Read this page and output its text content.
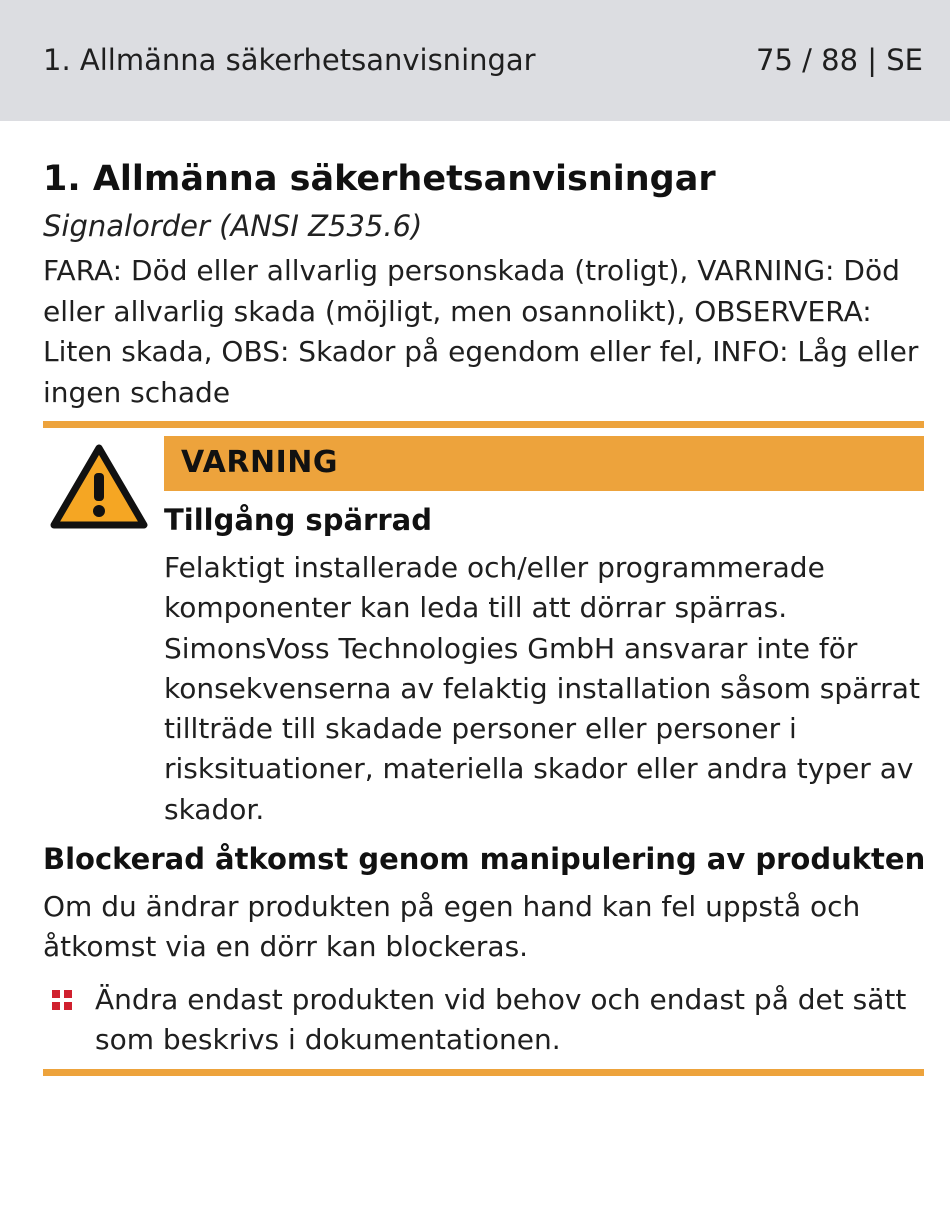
1. Allmänna säkerhetsanvisningar	75 / 88 | SE
1. Allmänna säkerhetsanvisningar
Signalorder (ANSI Z535.6)
FARA: Död eller allvarlig personskada (troligt), VARNING: Död eller allvarlig skada (möjligt, men osannolikt), OBSERVERA: Liten skada, OBS: Skador på egendom eller fel, INFO: Låg eller ingen schade
VARNING
Tillgång spärrad
Felaktigt installerade och/eller programmerade komponenter kan leda till att dörrar spärras. SimonsVoss Technologies GmbH ansvarar inte för konsekvenserna av felaktig installation såsom spärrat tillträde till skadade personer eller personer i risksituationer, materiella skador eller andra typer av skador.
Blockerad åtkomst genom manipulering av produkten
Om du ändrar produkten på egen hand kan fel uppstå och åtkomst via en dörr kan blockeras.
Ändra endast produkten vid behov och endast på det sätt som beskrivs i dokumentationen.
